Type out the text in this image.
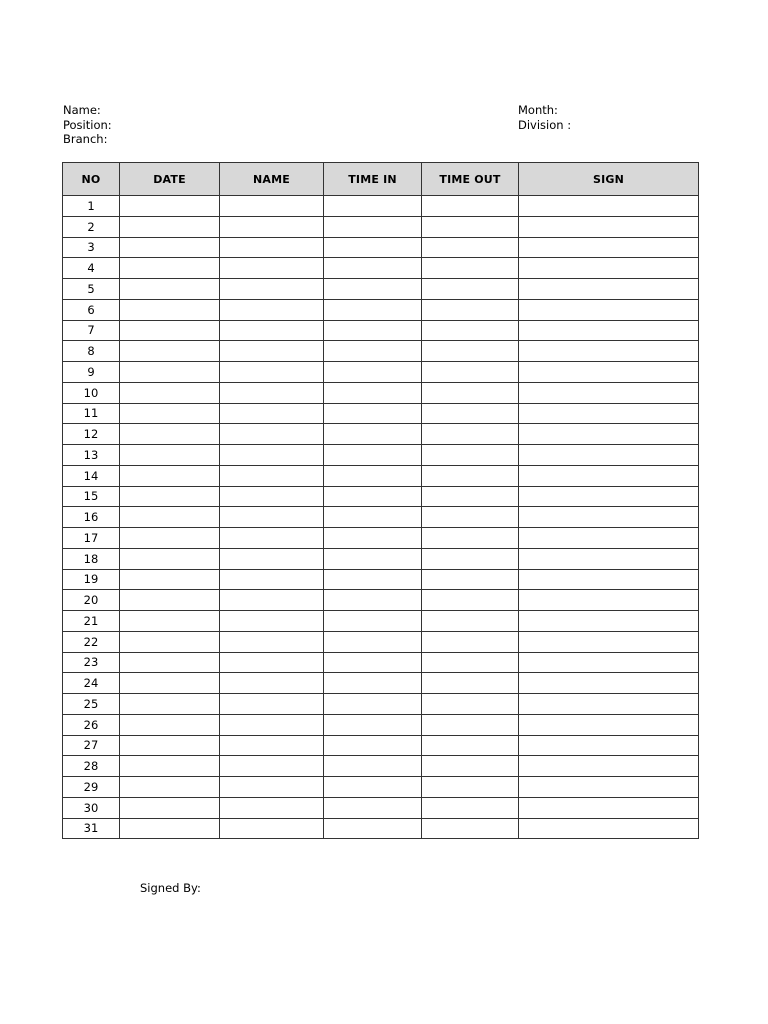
Name:
Position:
Branch:
Month:
Division :
NO	DATE	NAME	TIME IN	TIME OUT	SIGN
1					
2					
3					
4					
5					
6					
7					
8					
9					
10					
11					
12					
13					
14					
15					
16					
17					
18					
19					
20					
21					
22					
23					
24					
25					
26					
27					
28					
29					
30					
31					
Signed By:
